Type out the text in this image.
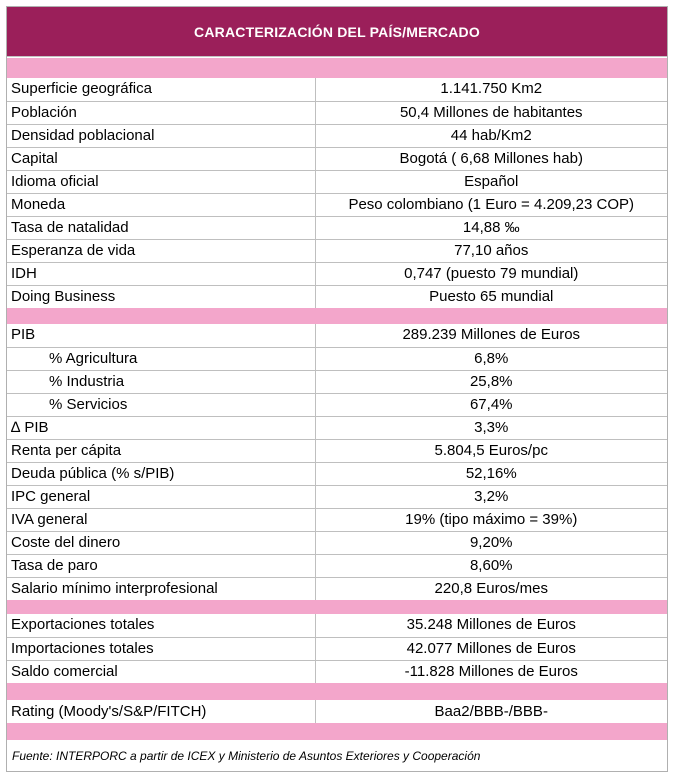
CARACTERIZACIÓN DEL PAÍS/MERCADO
Superficie geográfica	1.141.750 Km2
Población	50,4 Millones de habitantes
Densidad poblacional	44 hab/Km2
Capital	Bogotá ( 6,68 Millones hab)
Idioma oficial	Español
Moneda	Peso colombiano (1 Euro = 4.209,23 COP)
Tasa de natalidad	14,88 ‰
Esperanza de vida	77,10 años
IDH	0,747 (puesto 79 mundial)
Doing Business	Puesto 65 mundial
PIB	289.239 Millones de Euros
% Agricultura	6,8%
% Industria	25,8%
% Servicios	67,4%
∆ PIB	3,3%
Renta per cápita	5.804,5 Euros/pc
Deuda pública (% s/PIB)	52,16%
IPC general	3,2%
IVA general	19% (tipo máximo = 39%)
Coste del dinero	9,20%
Tasa de paro	8,60%
Salario mínimo interprofesional	220,8 Euros/mes
Exportaciones totales	35.248 Millones de Euros
Importaciones totales	42.077 Millones de Euros
Saldo comercial	-11.828 Millones de Euros
Rating (Moody's/S&P/FITCH)	Baa2/BBB-/BBB-
Fuente: INTERPORC a partir de ICEX y Ministerio de Asuntos Exteriores y Cooperación
